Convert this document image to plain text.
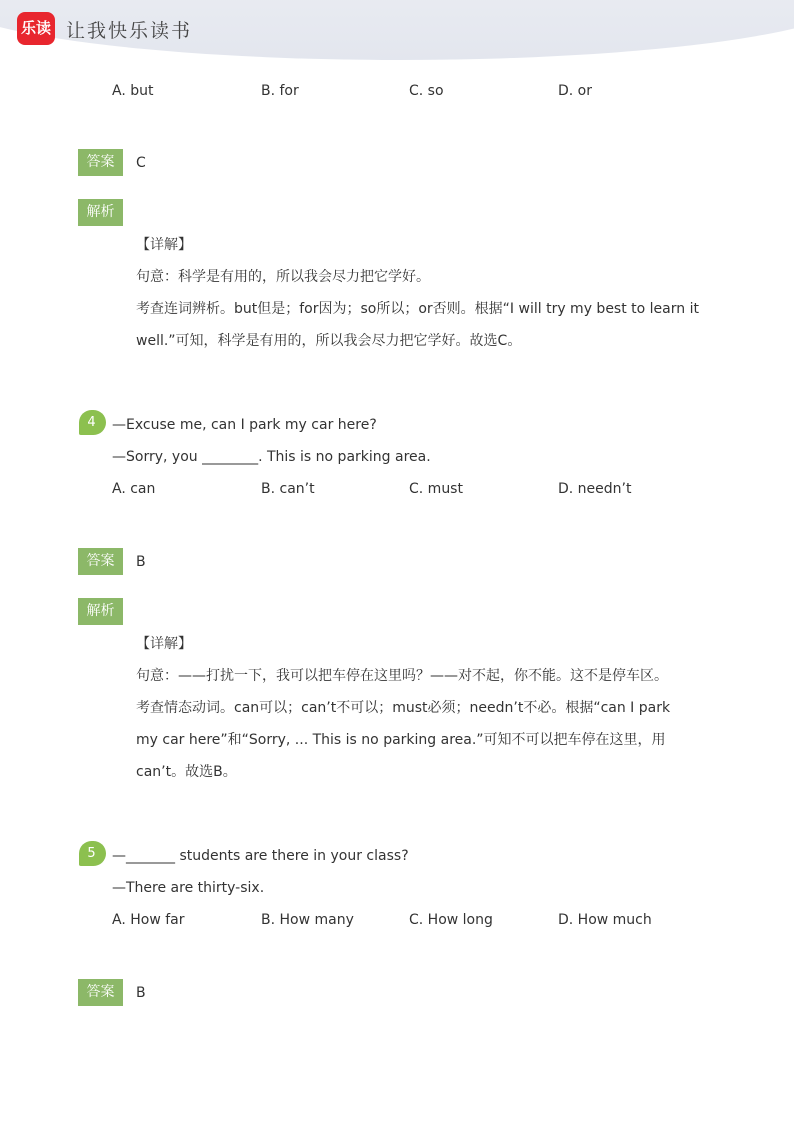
乐读 让我快乐读书
A. but	B. for	C. so	D. or
答案	C
解析
【详解】
句意：科学是有用的，所以我会尽力把它学好。
考查连词辨析。but但是；for因为；so所以；or否则。根据“I will try my best to learn it
well.”可知，科学是有用的，所以我会尽力把它学好。故选C。
4	—Excuse me, can I park my car here?
—Sorry, you ________. This is no parking area.
A. can	B. can’t	C. must	D. needn’t
答案	B
解析
【详解】
句意：——打扰一下，我可以把车停在这里吗？——对不起，你不能。这不是停车区。
考查情态动词。can可以；can’t不可以；must必须；needn’t不必。根据“can I park
my car here”和“Sorry, ... This is no parking area.”可知不可以把车停在这里，用
can’t。故选B。
5	—_______ students are there in your class?
—There are thirty-six.
A. How far	B. How many	C. How long	D. How much
答案	B
